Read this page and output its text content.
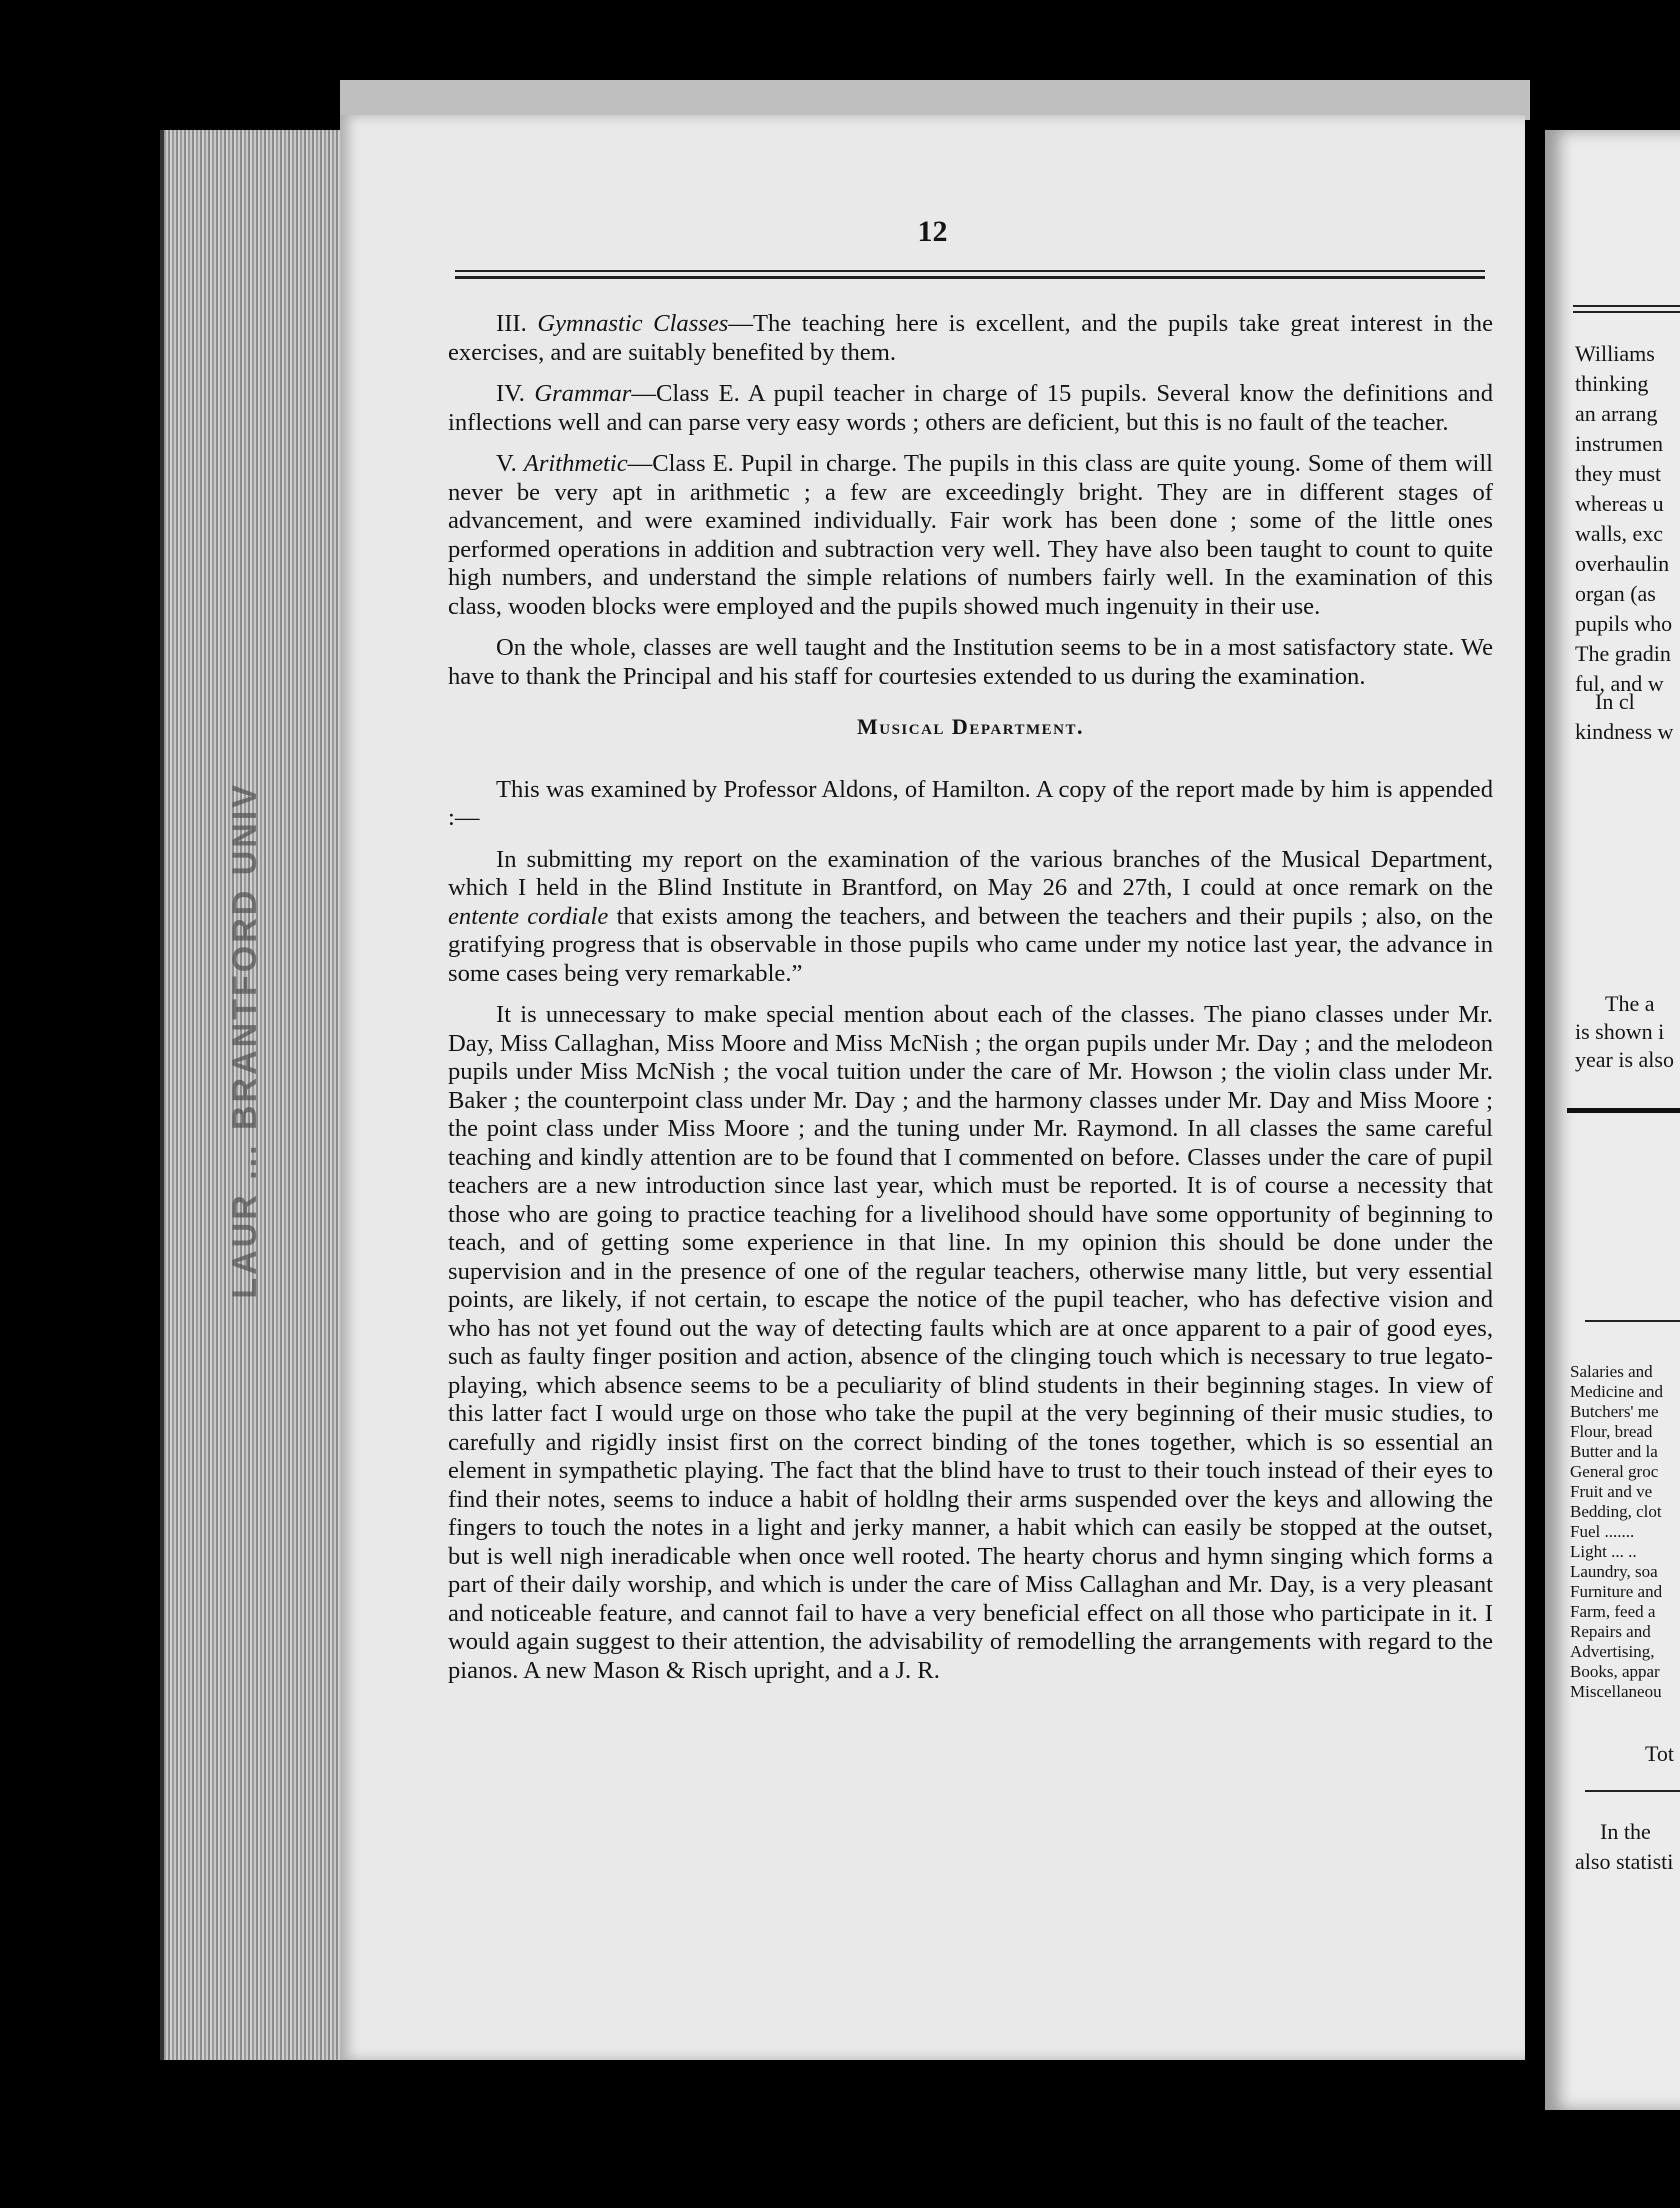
LAUR ... BRANTFORD UNIV
12

III. Gymnastic Classes—The teaching here is excellent, and the pupils take great interest in the exercises, and are suitably benefited by them.

IV. Grammar—Class E. A pupil teacher in charge of 15 pupils. Several know the definitions and inflections well and can parse very easy words ; others are deficient, but this is no fault of the teacher.

V. Arithmetic—Class E. Pupil in charge. The pupils in this class are quite young. Some of them will never be very apt in arithmetic ; a few are exceedingly bright. They are in different stages of advancement, and were examined individually. Fair work has been done ; some of the little ones performed operations in addition and subtraction very well. They have also been taught to count to quite high numbers, and understand the simple relations of numbers fairly well. In the examination of this class, wooden blocks were employed and the pupils showed much ingenuity in their use.

On the whole, classes are well taught and the Institution seems to be in a most satisfactory state. We have to thank the Principal and his staff for courtesies extended to us during the examination.

Musical Department.

This was examined by Professor Aldons, of Hamilton. A copy of the report made by him is appended :—

In submitting my report on the examination of the various branches of the Musical Department, which I held in the Blind Institute in Brantford, on May 26 and 27th, I could at once remark on the entente cordiale that exists among the teachers, and between the teachers and their pupils ; also, on the gratifying progress that is observable in those pupils who came under my notice last year, the advance in some cases being very remarkable.”

It is unnecessary to make special mention about each of the classes. The piano classes under Mr. Day, Miss Callaghan, Miss Moore and Miss McNish ; the organ pupils under Mr. Day ; and the melodeon pupils under Miss McNish ; the vocal tuition under the care of Mr. Howson ; the violin class under Mr. Baker ; the counterpoint class under Mr. Day ; and the harmony classes under Mr. Day and Miss Moore ; the point class under Miss Moore ; and the tuning under Mr. Raymond. In all classes the same careful teaching and kindly attention are to be found that I commented on before. Classes under the care of pupil teachers are a new introduction since last year, which must be reported. It is of course a necessity that those who are going to practice teaching for a livelihood should have some opportunity of beginning to teach, and of getting some experience in that line. In my opinion this should be done under the supervision and in the presence of one of the regular teachers, otherwise many little, but very essential points, are likely, if not certain, to escape the notice of the pupil teacher, who has defective vision and who has not yet found out the way of detecting faults which are at once apparent to a pair of good eyes, such as faulty finger position and action, absence of the clinging touch which is necessary to true legato-playing, which absence seems to be a peculiarity of blind students in their beginning stages. In view of this latter fact I would urge on those who take the pupil at the very beginning of their music studies, to carefully and rigidly insist first on the correct binding of the tones together, which is so essential an element in sympathetic playing. The fact that the blind have to trust to their touch instead of their eyes to find their notes, seems to induce a habit of holdlng their arms suspended over the keys and allowing the fingers to touch the notes in a light and jerky manner, a habit which can easily be stopped at the outset, but is well nigh ineradicable when once well rooted. The hearty chorus and hymn singing which forms a part of their daily worship, and which is under the care of Miss Callaghan and Mr. Day, is a very pleasant and noticeable feature, and cannot fail to have a very beneficial effect on all those who participate in it. I would again suggest to their attention, the advisability of remodelling the arrangements with regard to the pianos. A new Mason & Risch upright, and a J. R.

Williams
thinking
an arrang
instrumen
they must
whereas u
walls, exc
overhaulin
organ (as
pupils who
The gradin
ful, and w
In cl
kindness w
The a
is shown i
year is also
Salaries and
Medicine and
Butchers' me
Flour, bread
Butter and la
General groc
Fruit and ve
Bedding, clot
Fuel .......
Light ... ..
Laundry, soa
Furniture and
Farm, feed a
Repairs and
Advertising,
Books, appar
Miscellaneou
Tot
In the
also statisti
